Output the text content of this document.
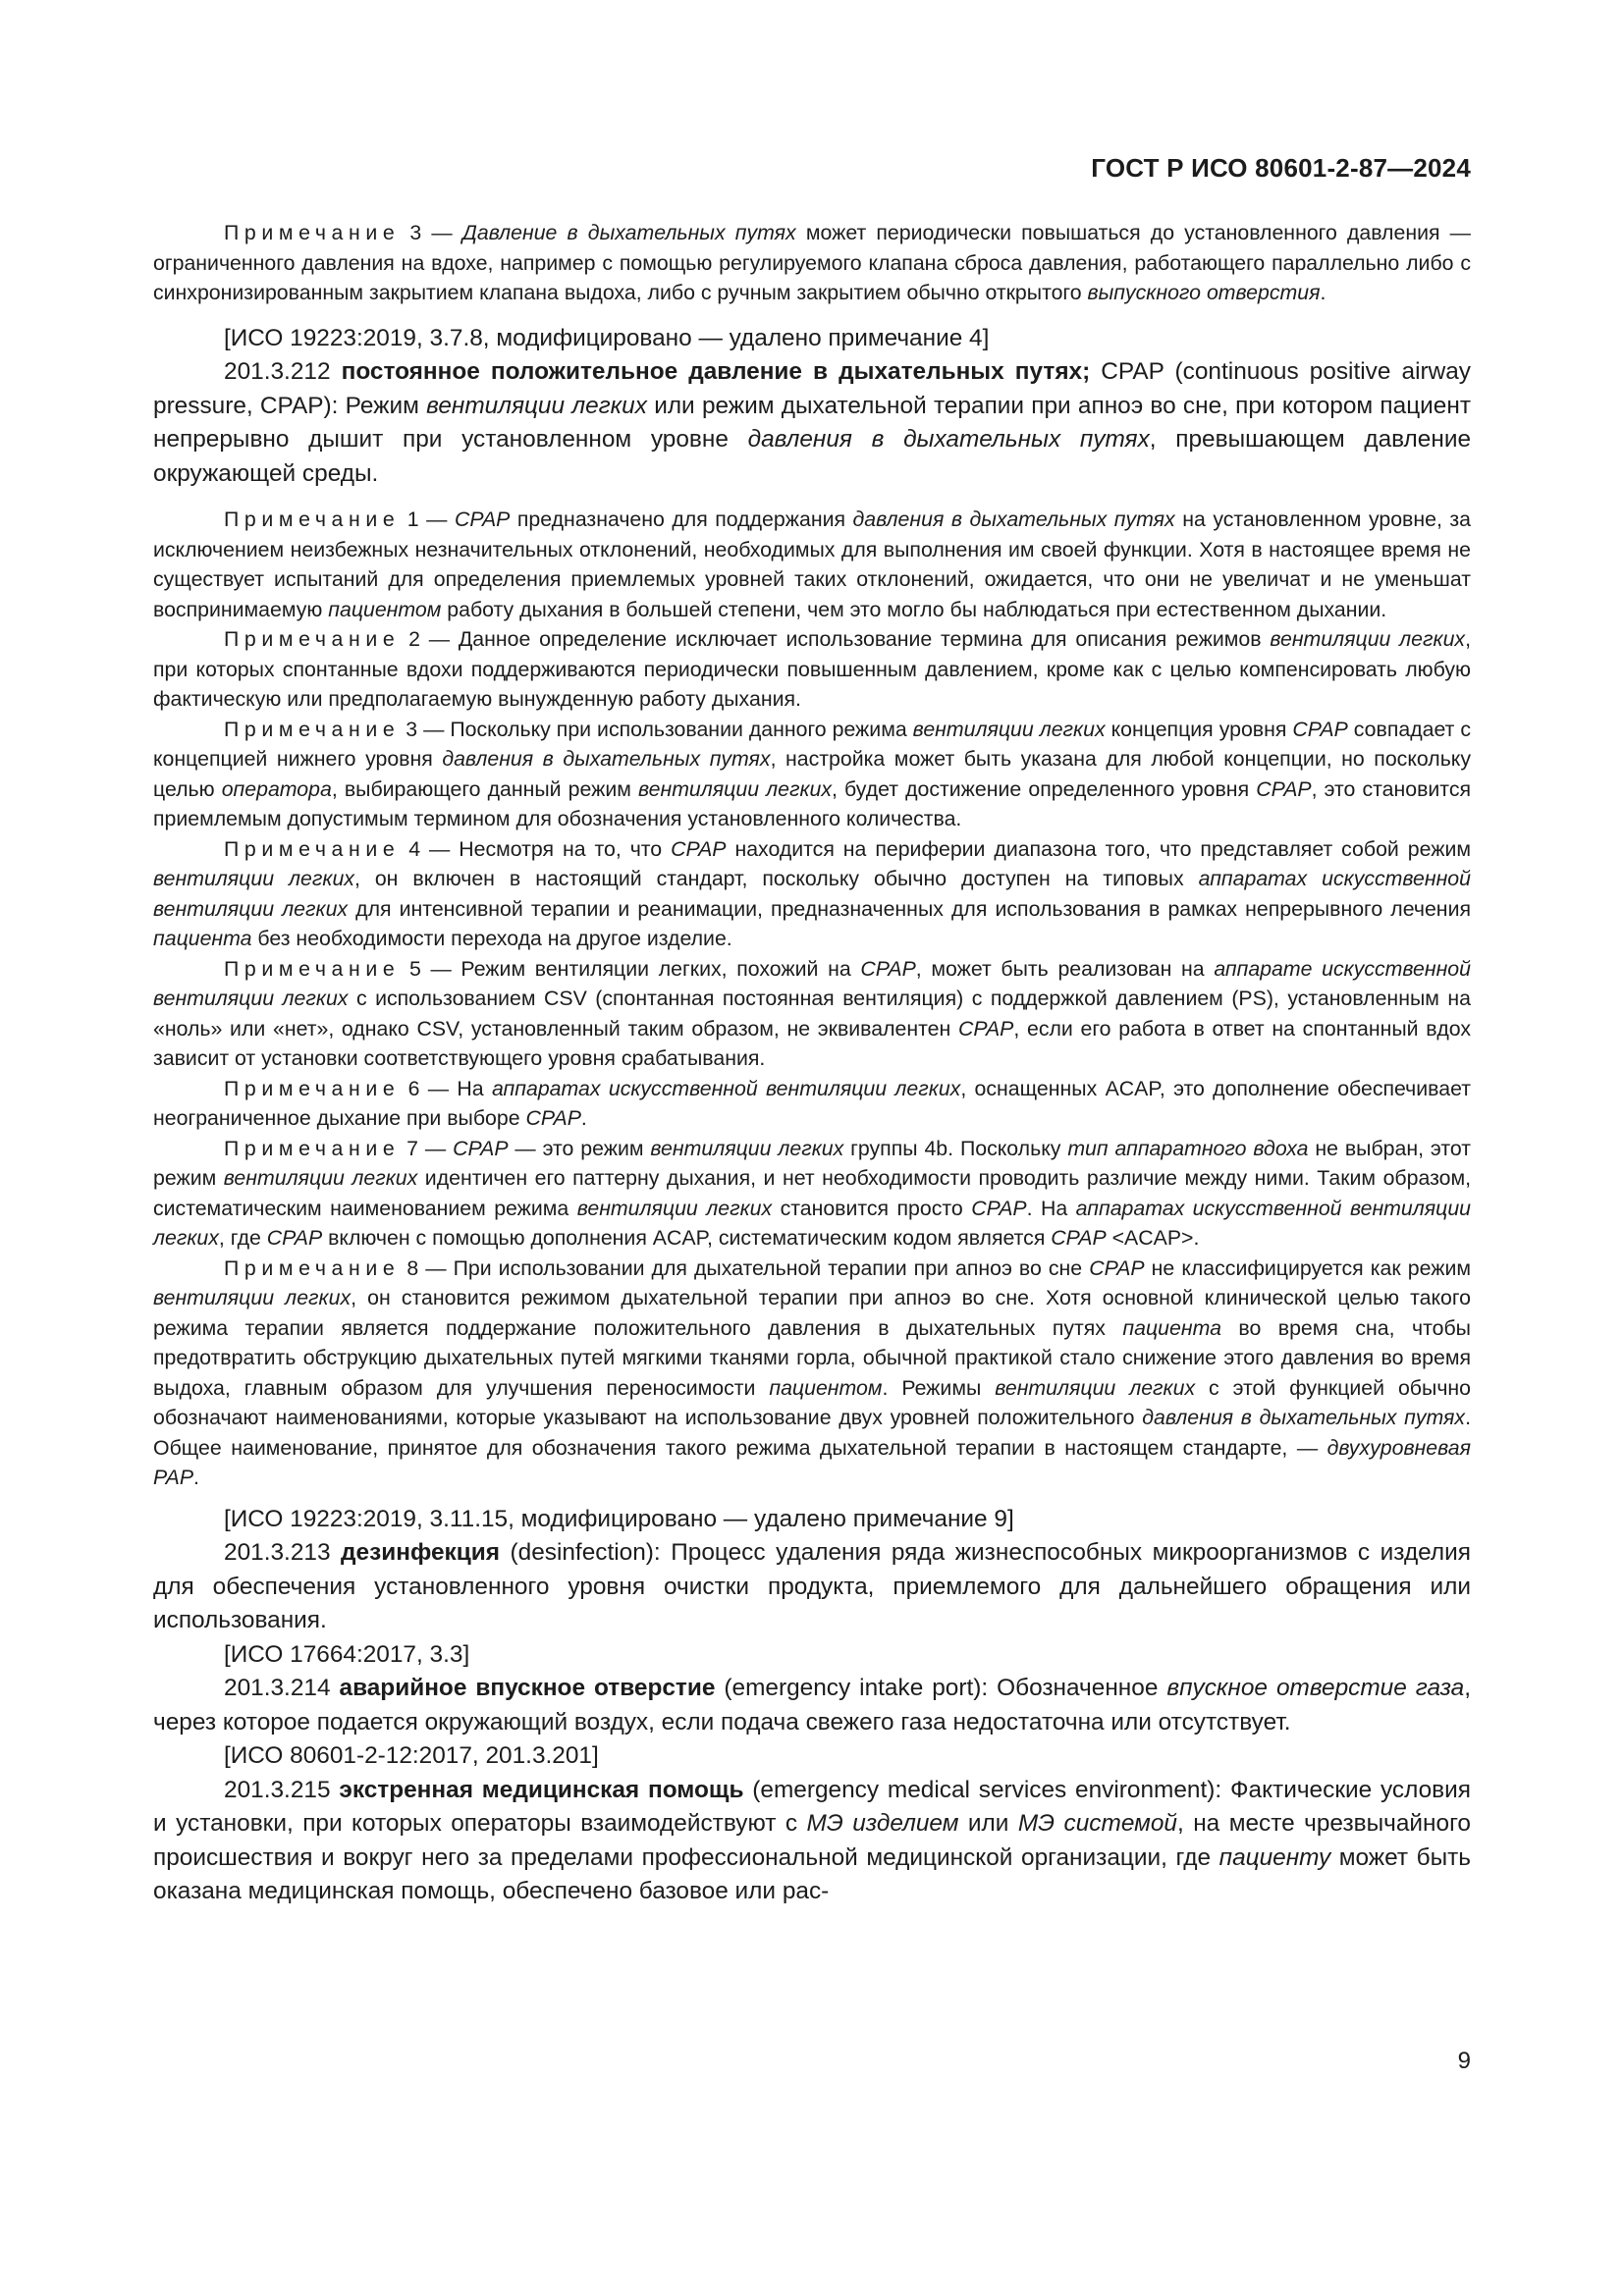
ГОСТ Р ИСО 80601-2-87—2024

Примечание 3 — Давление в дыхательных путях может периодически повышаться до установленного давления — ограниченного давления на вдохе, например с помощью регулируемого клапана сброса давления, работающего параллельно либо с синхронизированным закрытием клапана выдоха, либо с ручным закрытием обычно открытого выпускного отверстия.

[ИСО 19223:2019, 3.7.8, модифицировано — удалено примечание 4]

201.3.212 постоянное положительное давление в дыхательных путях; CPAP (continuous positive airway pressure, CPAP): Режим вентиляции легких или режим дыхательной терапии при апноэ во сне, при котором пациент непрерывно дышит при установленном уровне давления в дыхательных путях, превышающем давление окружающей среды.

Примечание 1 — CPAP предназначено для поддержания давления в дыхательных путях на установленном уровне, за исключением неизбежных незначительных отклонений, необходимых для выполнения им своей функции. Хотя в настоящее время не существует испытаний для определения приемлемых уровней таких отклонений, ожидается, что они не увеличат и не уменьшат воспринимаемую пациентом работу дыхания в большей степени, чем это могло бы наблюдаться при естественном дыхании.

Примечание 2 — Данное определение исключает использование термина для описания режимов вентиляции легких, при которых спонтанные вдохи поддерживаются периодически повышенным давлением, кроме как с целью компенсировать любую фактическую или предполагаемую вынужденную работу дыхания.

Примечание 3 — Поскольку при использовании данного режима вентиляции легких концепция уровня CPAP совпадает с концепцией нижнего уровня давления в дыхательных путях, настройка может быть указана для любой концепции, но поскольку целью оператора, выбирающего данный режим вентиляции легких, будет достижение определенного уровня CPAP, это становится приемлемым допустимым термином для обозначения установленного количества.

Примечание 4 — Несмотря на то, что CPAP находится на периферии диапазона того, что представляет собой режим вентиляции легких, он включен в настоящий стандарт, поскольку обычно доступен на типовых аппаратах искусственной вентиляции легких для интенсивной терапии и реанимации, предназначенных для использования в рамках непрерывного лечения пациента без необходимости перехода на другое изделие.

Примечание 5 — Режим вентиляции легких, похожий на CPAP, может быть реализован на аппарате искусственной вентиляции легких с использованием CSV (спонтанная постоянная вентиляция) с поддержкой давлением (PS), установленным на «ноль» или «нет», однако CSV, установленный таким образом, не эквивалентен CPAP, если его работа в ответ на спонтанный вдох зависит от установки соответствующего уровня срабатывания.

Примечание 6 — На аппаратах искусственной вентиляции легких, оснащенных ACAP, это дополнение обеспечивает неограниченное дыхание при выборе CPAP.

Примечание 7 — CPAP — это режим вентиляции легких группы 4b. Поскольку тип аппаратного вдоха не выбран, этот режим вентиляции легких идентичен его паттерну дыхания, и нет необходимости проводить различие между ними. Таким образом, систематическим наименованием режима вентиляции легких становится просто CPAP. На аппаратах искусственной вентиляции легких, где CPAP включен с помощью дополнения ACAP, систематическим кодом является CPAP <ACAP>.

Примечание 8 — При использовании для дыхательной терапии при апноэ во сне CPAP не классифицируется как режим вентиляции легких, он становится режимом дыхательной терапии при апноэ во сне. Хотя основной клинической целью такого режима терапии является поддержание положительного давления в дыхательных путях пациента во время сна, чтобы предотвратить обструкцию дыхательных путей мягкими тканями горла, обычной практикой стало снижение этого давления во время выдоха, главным образом для улучшения переносимости пациентом. Режимы вентиляции легких с этой функцией обычно обозначают наименованиями, которые указывают на использование двух уровней положительного давления в дыхательных путях. Общее наименование, принятое для обозначения такого режима дыхательной терапии в настоящем стандарте, — двухуровневая PAP.

[ИСО 19223:2019, 3.11.15, модифицировано — удалено примечание 9]

201.3.213 дезинфекция (desinfection): Процесс удаления ряда жизнеспособных микроорганизмов с изделия для обеспечения установленного уровня очистки продукта, приемлемого для дальнейшего обращения или использования.

[ИСО 17664:2017, 3.3]

201.3.214 аварийное впускное отверстие (emergency intake port): Обозначенное впускное отверстие газа, через которое подается окружающий воздух, если подача свежего газа недостаточна или отсутствует.

[ИСО 80601-2-12:2017, 201.3.201]

201.3.215 экстренная медицинская помощь (emergency medical services environment): Фактические условия и установки, при которых операторы взаимодействуют с МЭ изделием или МЭ системой, на месте чрезвычайного происшествия и вокруг него за пределами профессиональной медицинской организации, где пациенту может быть оказана медицинская помощь, обеспечено базовое или рас-

9
